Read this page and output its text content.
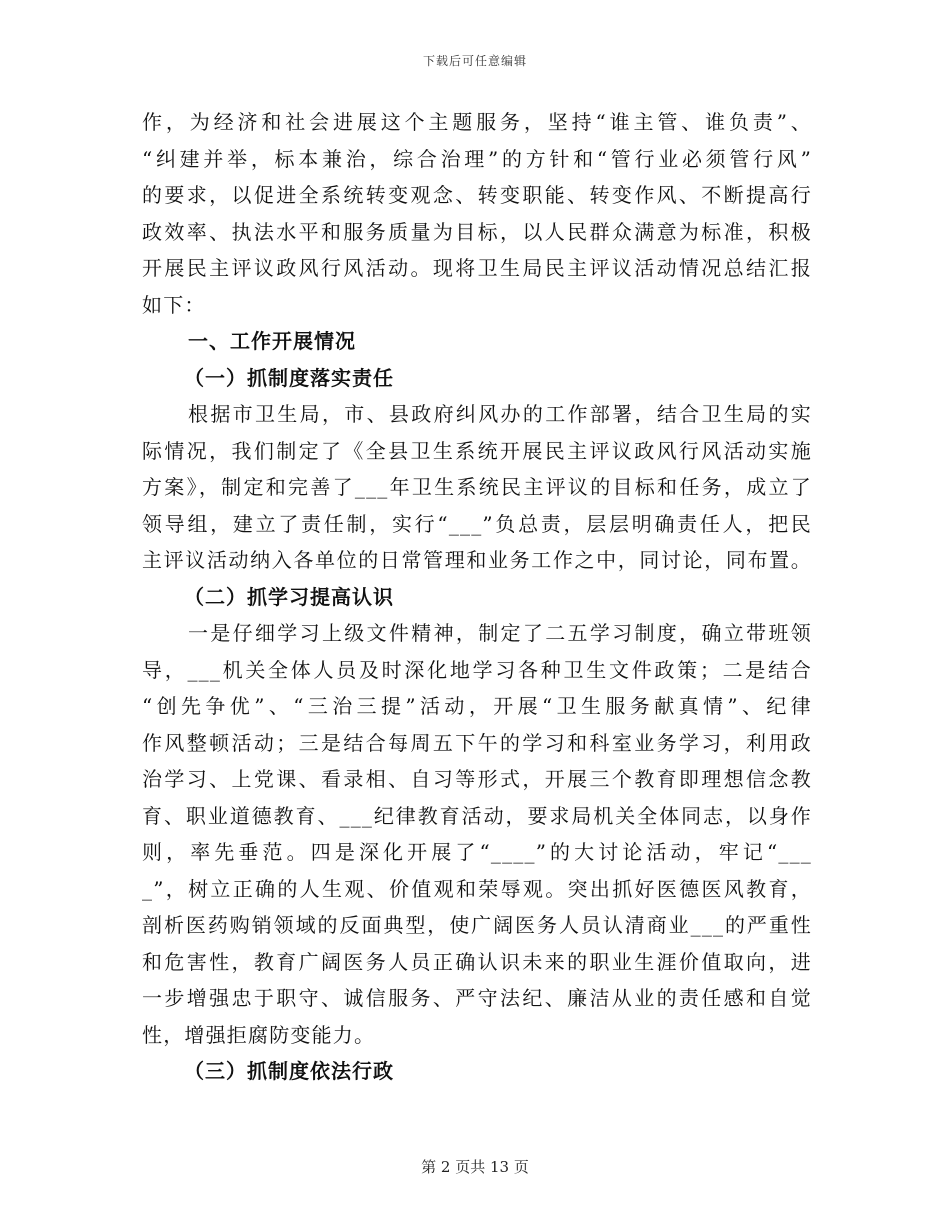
下载后可任意编辑
作，为经济和社会进展这个主题服务，坚持“谁主管、谁负责”、
“纠建并举，标本兼治，综合治理”的方针和“管行业必须管行风”
的要求，以促进全系统转变观念、转变职能、转变作风、不断提高行
政效率、执法水平和服务质量为目标，以人民群众满意为标准，积极
开展民主评议政风行风活动。现将卫生局民主评议活动情况总结汇报
如下：
一、工作开展情况
（一）抓制度落实责任
根据市卫生局，市、县政府纠风办的工作部署，结合卫生局的实
际情况，我们制定了《全县卫生系统开展民主评议政风行风活动实施
方案》，制定和完善了___年卫生系统民主评议的目标和任务，成立了
领导组，建立了责任制，实行“___”负总责，层层明确责任人，把民
主评议活动纳入各单位的日常管理和业务工作之中，同讨论，同布置。
（二）抓学习提高认识
一是仔细学习上级文件精神，制定了二五学习制度，确立带班领
导，___机关全体人员及时深化地学习各种卫生文件政策；二是结合
“创先争优”、“三治三提”活动，开展“卫生服务献真情”、纪律
作风整顿活动；三是结合每周五下午的学习和科室业务学习，利用政
治学习、上党课、看录相、自习等形式，开展三个教育即理想信念教
育、职业道德教育、___纪律教育活动，要求局机关全体同志，以身作
则，率先垂范。四是深化开展了“____”的大讨论活动，牢记“___
_”，树立正确的人生观、价值观和荣辱观。突出抓好医德医风教育，
剖析医药购销领域的反面典型，使广阔医务人员认清商业___的严重性
和危害性，教育广阔医务人员正确认识未来的职业生涯价值取向，进
一步增强忠于职守、诚信服务、严守法纪、廉洁从业的责任感和自觉
性，增强拒腐防变能力。
（三）抓制度依法行政
第 2 页共 13 页
